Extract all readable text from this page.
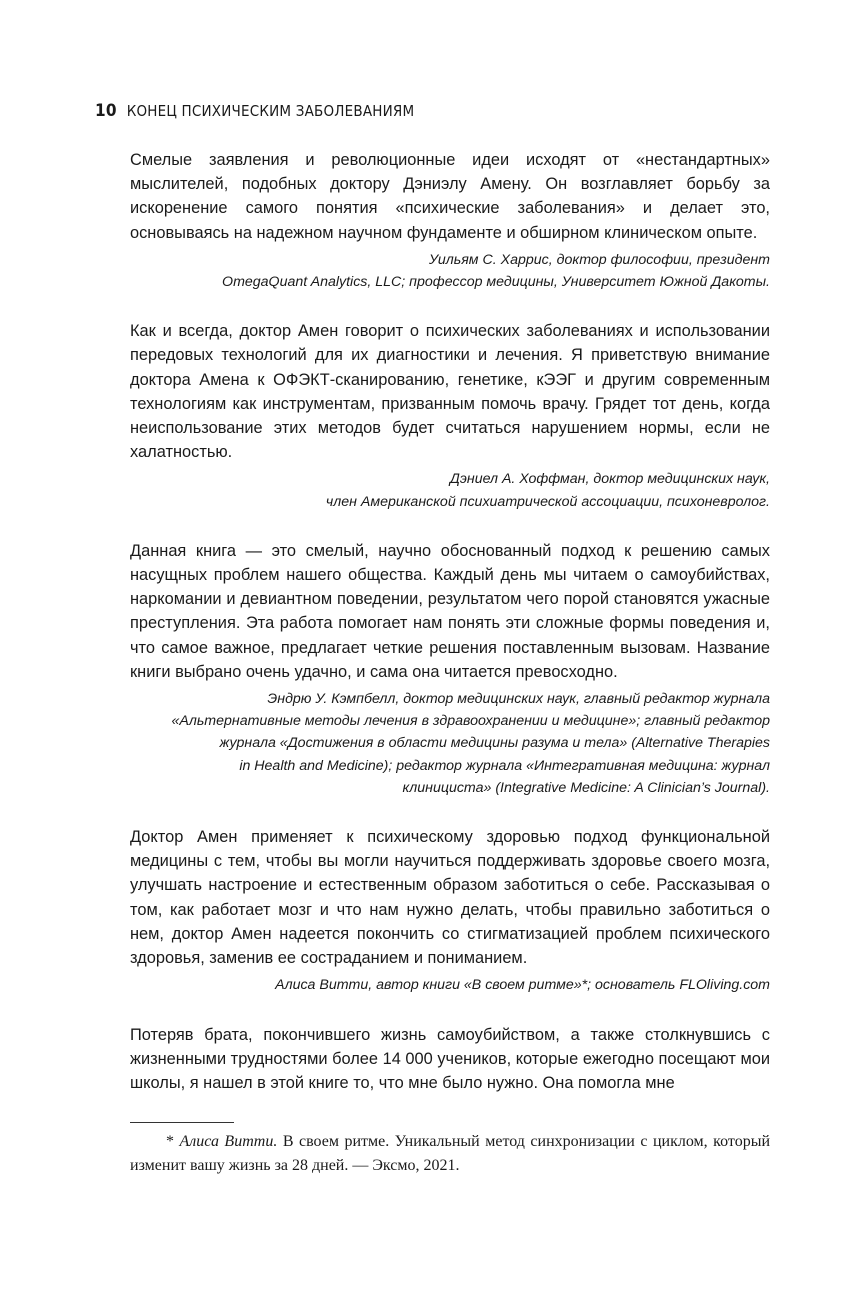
10 КОНЕЦ ПСИХИЧЕСКИМ ЗАБОЛЕВАНИЯМ

Смелые заявления и революционные идеи исходят от «нестандартных» мыслителей, подобных доктору Дэниэлу Амену. Он возглавляет борьбу за искоренение самого понятия «психические заболевания» и делает это, основываясь на надежном научном фундаменте и обширном клиническом опыте.

Уильям С. Харрис, доктор философии, президент
OmegaQuant Analytics, LLC; профессор медицины, Университет Южной Дакоты.

Как и всегда, доктор Амен говорит о психических заболеваниях и использовании передовых технологий для их диагностики и лечения. Я приветствую внимание доктора Амена к ОФЭКТ-сканированию, генетике, кЭЭГ и другим современным технологиям как инструментам, призванным помочь врачу. Грядет тот день, когда неиспользование этих методов будет считаться нарушением нормы, если не халатностью.

Дэниел А. Хоффман, доктор медицинских наук,
член Американской психиатрической ассоциации, психоневролог.

Данная книга — это смелый, научно обоснованный подход к решению самых насущных проблем нашего общества. Каждый день мы читаем о самоубийствах, наркомании и девиантном поведении, результатом чего порой становятся ужасные преступления. Эта работа помогает нам понять эти сложные формы поведения и, что самое важное, предлагает четкие решения поставленным вызовам. Название книги выбрано очень удачно, и сама она читается превосходно.

Эндрю У. Кэмпбелл, доктор медицинских наук, главный редактор журнала
«Альтернативные методы лечения в здравоохранении и медицине»; главный редактор
журнала «Достижения в области медицины разума и тела» (Alternative Therapies
in Health and Medicine); редактор журнала «Интегративная медицина: журнал
клинициста» (Integrative Medicine: A Clinician’s Journal).

Доктор Амен применяет к психическому здоровью подход функциональной медицины с тем, чтобы вы могли научиться поддерживать здоровье своего мозга, улучшать настроение и естественным образом заботиться о себе. Рассказывая о том, как работает мозг и что нам нужно делать, чтобы правильно заботиться о нем, доктор Амен надеется покончить со стигматизацией проблем психического здоровья, заменив ее состраданием и пониманием.

Алиса Витти, автор книги «В своем ритме»*; основатель FLOliving.com

Потеряв брата, покончившего жизнь самоубийством, а также столкнувшись с жизненными трудностями более 14 000 учеников, которые ежегодно посещают мои школы, я нашел в этой книге то, что мне было нужно. Она помогла мне

* Алиса Витти. В своем ритме. Уникальный метод синхронизации с циклом, который изменит вашу жизнь за 28 дней. — Эксмо, 2021.
